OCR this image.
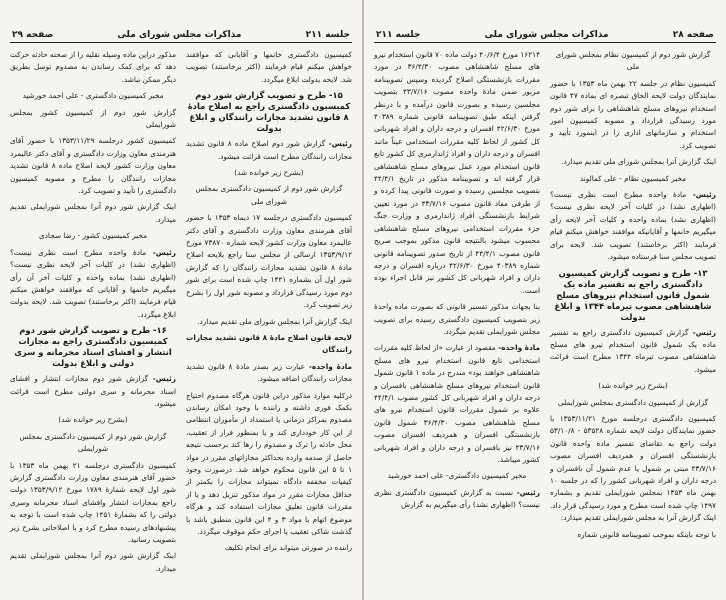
صفحه ۲۸
مذاکرات مجلس شورای ملی
جلسه ۲۱۱

گزارش شور دوم از کمیسیون نظام بمجلس شورای ملی

کمیسیون نظام در جلسه ۲۲ بهمن ماه ۱۳۵۳ با حضور نمایندگان دولت لایحه الحاق تبصره ای بماده ۴۷ قانون استخدام نیروهای مسلح شاهنشاهی را برای شور دوم مورد رسیدگی قرارداد و مصوبه کمیسیون امور استخدام و سازمانهای اداری را در اینمورد تأیید و تصویب کرد.

اینک گزارش آنرا بمجلس شورای ملی تقدیم میدارد.

مخبر کمیسیون نظام - علی کمالوند

رئیس- مادهٔ واحده مطرح است نظری نیست؟ (اظهاری نشد) در کلیات آخر لایحه نظری نیست؟ (اظهاری نشد) بماده واحده و کلیات آخر لایحه رأی میگیریم خانمها و آقایانیکه موافقند خواهش میکنم قیام فرمایند (اکثر برخاستند) تصویب شد. لایحه برای تصویب مجلس سنا فرستاده میشود.

۱۳- طرح و تصویب گزارش کمیسیون دادگستری راجع به تفسیر ماده یک شمول قانون استخدام نیروهای مسلح شاهنشاهی مصوب تیرماه ۱۳۴۴ و ابلاغ بدولت

رئیس- گزارش کمیسیون دادگستری راجع به تفسیر ماده یک شمول قانون استخدام نیرو های مسلح شاهنشاهی مصوب تیرماه ۱۳۴۴ مطرح است قرائت میشود.

(بشرح زیر خوانده شد)

گزارش از کمیسیون دادگستری بمجلس شورایملی

کمیسیون دادگستری درجلسه مورخ ۱۳۵۳/۱۱/۲۱ با حضور نمایندگان دولت لایحه شماره ۵۳۵۲۸ - ۵۳/۱۰/۸ دولت راجع به تقاضای تفسیر ماده واحده قانون بازنشستگی افسران و همردیف افسران مصوب ۴۳/۷/۱۶ مبنی بر شمول یا عدم شمول آن بافسران و درجه داران و افراد شهربانی کشور را که در جلسه ۱۰ بهمن ماه ۱۳۵۳ بمجلس شورایملی تقدیم و بشماره ۱۴۹۷ چاپ شده است مطرح و مورد رسیدگی قرار داد. اینک گزارش آنرا به مجلس شورایملی تقدیم میدارد:

با توجه باینکه بموجب تصویبنامه قانونی شماره

۱۶۲۱۴ مورخ ۴۰/۶/۴ دولت ماده ۷۰ قانون استخدام نیرو های مسلح شاهنشاهی مصوب ۳۶/۴/۳۰ در مورد مقررات بازنشستگی اصلاح گردیده وسپس تصویبنامه مزبور ضمن مادهٔ واحده مصوب ۴۳/۷/۱۶ بتصویب مجلسین رسیده و بصورت قانون درآمده و با درنظر گرفتن اینکه طبق تصویبنامه قانونی شماره ۴۰۳۸۹ مورخ ۴۲/۶/۳۰ افسران و درجه داران و افراد شهربانی کل کشور از لحاظ کلیه مقررات استخدامی عیناً مانند افسران و درجه داران و افراد ژاندارمری کل کشور تابع قانون استخدام مورد عمل نیروهای مسلح شاهنشاهی قرار گرفته اند و تصویبنامه مذکور در تاریخ ۴۴/۴/۱ بتصویب مجلسین رسیده و صورت قانونی پیدا کرده و از طرفی مفاد قانون مصوب ۴۳/۷/۱۶ در مورد تعیین شرایط بازنشستگی افراد ژاندارمری و وزارت جنگ جزء مقررات استخدامی نیروهای مسلح شاهنشاهی محسوب میشود بالنتیجه قانون مذکور بموجب صریح قانون مصوب ۴۴/۴/۱ از تاریخ صدور تصویبنامه قانونی شماره ۴۰۳۸۹ مورخ ۴۲/۶/۳۰ درباره افسران و درجه داران و افراد شهربانی کل کشور نیز قابل اجراء بوده است.

بنا بجهات مذکور تفسیر قانونی که بصورت ماده واحدهٔ زیر بتصویب کمیسیون دادگستری رسیده برای تصویب مجلس شورایملی تقدیم میگردد.

مادهٔ واحده- مقصود از عبارت «از لحاظ کلیه مقررات استخدامی تابع قانون استخدام نیرو های مسلح شاهنشاهی خواهند بود» مندرج در ماده ۱ قانون شمول قانون استخدام نیروهای مسلح شاهنشاهی بافسران و درجه داران و افراد شهربانی کل کشور مصوب ۴۴/۴/۱ علاوه بر شمول مقررات قانون استخدام نیرو های مسلح شاهنشاهی مصوب ۳۶/۴/۳۰ شمول قانون بازنشستگی افسران و همردیف افسران مصوب ۴۳/۷/۱۶ نیز بافسران و درجه داران و افراد شهربانی کشور میباشد.

مخبر کمیسیون دادگستری- علی احمد خورشید

رئیس- نسبت به گزارش کمیسیون دادگستری نظری نیست؟ (اظهاری نشد) رأی میگیریم به گزارش

جلسه ۲۱۱
مذاکرات مجلس شورای ملی
صفحه ۲۹

کمیسیون دادگستری خانمها و آقایانی که موافقند خواهش میکنم قیام فرمایند (اکثر برخاستند) تصویب شد. لایحه بدولت ابلاغ میگردد.

۱۵- طرح و تصویب گزارش شور دوم کمیسیون دادگستری راجع به اصلاح مادهٔ ۸ قانون تشدید مجازات رانندگان و ابلاغ بدولت

رئیس- گزارش شور دوم اصلاح ماده ۸ قانون تشدید مجازات رانندگان مطرح است قرائت میشود.

(بشرح زیر خوانده شد)

گزارش شور دوم از کمیسیون دادگستری بمجلس شورای ملی

کمیسیون دادگستری درجلسه ۱۷ دیماه ۱۳۵۳ با حضور آقای هنرمندی معاون وزارت دادگستری و آقای دکتر عالیمرد معاون وزارت کشور لایحه شماره ۷۳۸۷۰ مورخ ۱۳۵۳/۹/۱۲ ارسالی از مجلس سنا راجع بلایحه اصلاح مادهٔ ۸ قانون تشدید مجازات رانندگان را که گزارش شور اول آن بشماره ۱۴۴۱ چاپ شده است برای شور دوم مورد رسیدگی قرارداد و مصوبه شور اول را بشرح زیر تصویب کرد.

اینک گزارش آنرا بمجلس شورای ملی تقدیم میدارد.

لایحه قانون اصلاح مادهٔ ۸ قانون تشدید مجازات رانندگان

مادهٔ واحده- عبارت زیر بصدر مادهٔ ۸ قانون تشدید مجازات رانندگان اضافه میشود.

درکلیه موارد مذکور دراین قانون هرگاه مصدوم احتیاج بکمک فوری داشته و راننده با وجود امکان رساندن مصدوم بمراکز درمانی یا استمداد از مأموران انتظامی از این کار خودداری کند و یا بمنظور فرار از تعقیب، محل حادثه را ترک و مصدوم را رها کند برحسب نتیجه حاصل از صدمه وارده بحداکثر مجازاتهای مقرر در مواد ۱ تا ۵ این قانون محکوم خواهد شد. درصورت وجود کیفیات مخففه دادگاه نمیتواند مجازات را بکمتر از حداقل مجازات مقرر در مواد مذکور تنزیل دهد و یا از مقررات قانون تعلیق مجازات استفاده کند و هرگاه موضوع اتهام با مواد ۳ و ۴ این قانون منطبق باشد با گذشت شاکی تعقیب یا اجرای حکم موقوف میگردد.

راننده در صورتی میتواند برای انجام تکلیف

مذکور دراین ماده وسیله نقلیه را از صحنه حادثه حرکت دهد که برای کمک رساندن به مصدوم توسل بطریق دیگر ممکن نباشد.

مخبر کمیسیون دادگستری - علی احمد خورشید

گزارش شور دوم از کمیسیون کشور بمجلس شورایملی

کمیسیون کشور درجلسه ۱۳۵۳/۱۱/۲۹ با حضور آقای هنرمندی معاون وزارت دادگستری و آقای دکتر عالیمرد معاون وزارت کشور لایحه اصلاح ماده ۸ قانون تشدید مجازات رانندگان را مطرح و مصوبه کمیسیون دادگستری را تأیید و تصویب کرد.

اینک گزارش شور دوم آنرا بمجلس شورایملی تقدیم میدارد.

مخبر کمیسیون کشور - رضا سجادی

رئیس- مادهٔ واحده مطرح است نظری نیست؟ (اظهاری نشد) در کلیات آخر لایحه نظری نیست؟ (اظهاری نشد) بماده واحده و کلیات آخر آن رأی میگیریم خانمها و آقایانی که موافقند خواهش میکنم قیام فرمایند (اکثر برخاستند) تصویب شد. لایحه بدولت ابلاغ میگردد.

۱۶- طرح و تصویب گزارش شور دوم کمیسیون دادگستری راجع به مجازات انتشار و افشای اسناد محرمانه و سری دولتی و ابلاغ بدولت

رئیس- گزارش شور دوم مجازات انتشار و افشای اسناد محرمانه و سری دولتی مطرح است قرائت میشود.

(بشرح زیر خوانده شد)

گزارش شور دوم از کمیسیون دادگستری بمجلس شورایملی

کمیسیون دادگستری درجلسه ۲۱ بهمن ماه ۱۳۵۳ با حضور آقای هنرمندی معاون وزارت دادگستری گزارش شور اول لایحه شمارهٔ ۱۷۸۹ مورخ ۱۳۵۳/۹/۱۲ دولت راجع بمجازات انتشار وافشای اسناد محرمانه وسری دولتی را که بشمارهٔ ۱۴۵۱ چاپ شده است با توجه به پیشنهادهای رسیده مطرح کرد و با اصلاحاتی بشرح زیر بتصویب رسانید.

اینک گزارش شور دوم آنرا بمجلس شورایملی تقدیم میدارد.
